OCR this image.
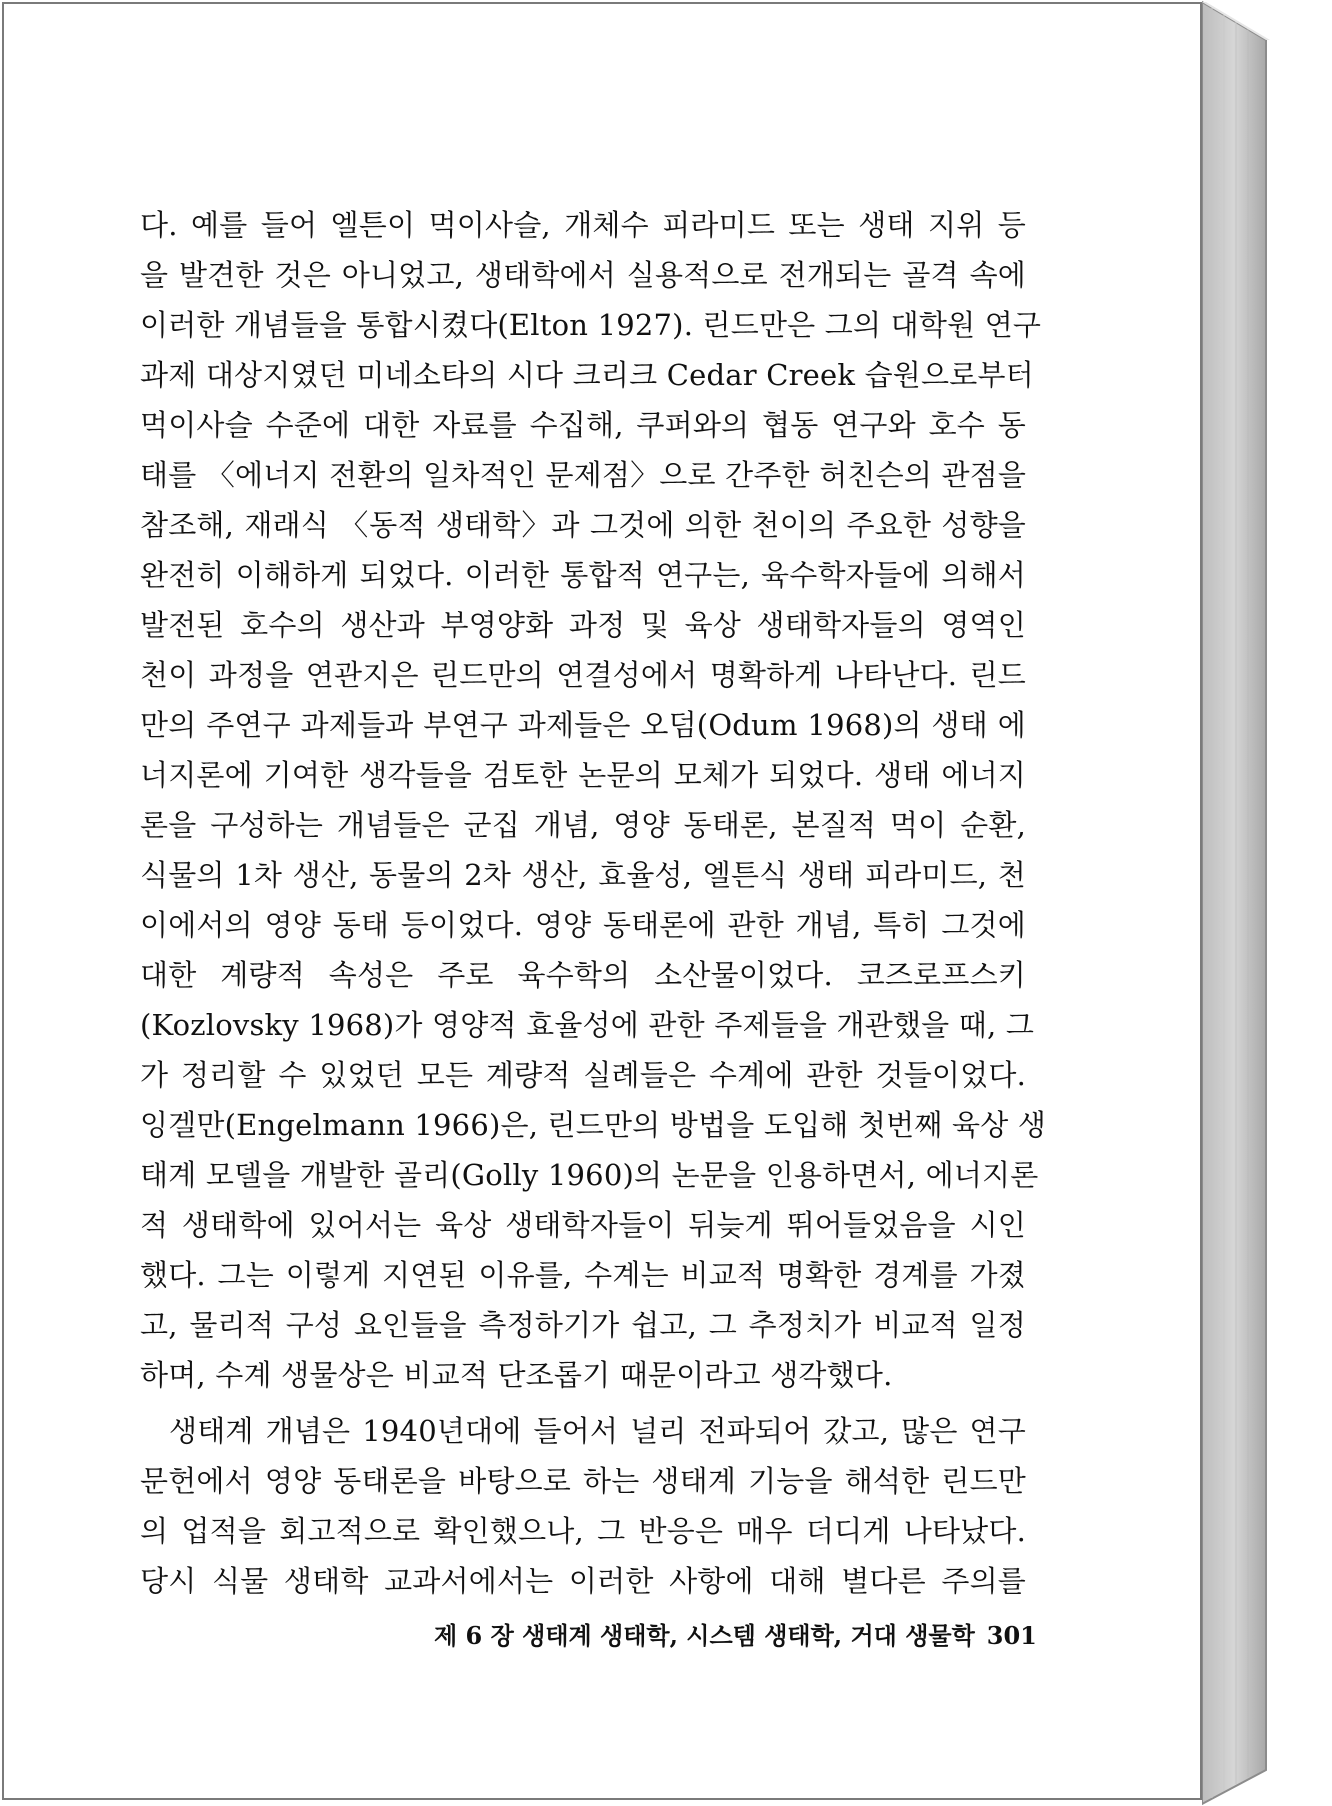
다. 예를 들어 엘튼이 먹이사슬, 개체수 피라미드 또는 생태 지위 등
을 발견한 것은 아니었고, 생태학에서 실용적으로 전개되는 골격 속에
이러한 개념들을 통합시켰다(Elton 1927). 린드만은 그의 대학원 연구
과제 대상지였던 미네소타의 시다 크리크 Cedar Creek 습원으로부터
먹이사슬 수준에 대한 자료를 수집해, 쿠퍼와의 협동 연구와 호수 동
태를 〈에너지 전환의 일차적인 문제점〉으로 간주한 허친슨의 관점을
참조해, 재래식 〈동적 생태학〉과 그것에 의한 천이의 주요한 성향을
완전히 이해하게 되었다. 이러한 통합적 연구는, 육수학자들에 의해서
발전된 호수의 생산과 부영양화 과정 및 육상 생태학자들의 영역인
천이 과정을 연관지은 린드만의 연결성에서 명확하게 나타난다. 린드
만의 주연구 과제들과 부연구 과제들은 오덤(Odum 1968)의 생태 에
너지론에 기여한 생각들을 검토한 논문의 모체가 되었다. 생태 에너지
론을 구성하는 개념들은 군집 개념, 영양 동태론, 본질적 먹이 순환,
식물의 1차 생산, 동물의 2차 생산, 효율성, 엘튼식 생태 피라미드, 천
이에서의 영양 동태 등이었다. 영양 동태론에 관한 개념, 특히 그것에
대한 계량적 속성은 주로 육수학의 소산물이었다. 코즈로프스키
(Kozlovsky 1968)가 영양적 효율성에 관한 주제들을 개관했을 때, 그
가 정리할 수 있었던 모든 계량적 실례들은 수계에 관한 것들이었다.
잉겔만(Engelmann 1966)은, 린드만의 방법을 도입해 첫번째 육상 생
태계 모델을 개발한 골리(Golly 1960)의 논문을 인용하면서, 에너지론
적 생태학에 있어서는 육상 생태학자들이 뒤늦게 뛰어들었음을 시인
했다. 그는 이렇게 지연된 이유를, 수계는 비교적 명확한 경계를 가졌
고, 물리적 구성 요인들을 측정하기가 쉽고, 그 추정치가 비교적 일정
하며, 수계 생물상은 비교적 단조롭기 때문이라고 생각했다.
생태계 개념은 1940년대에 들어서 널리 전파되어 갔고, 많은 연구
문헌에서 영양 동태론을 바탕으로 하는 생태계 기능을 해석한 린드만
의 업적을 회고적으로 확인했으나, 그 반응은 매우 더디게 나타났다.
당시 식물 생태학 교과서에서는 이러한 사항에 대해 별다른 주의를
제 6 장 생태계 생태학, 시스템 생태학, 거대 생물학 301
